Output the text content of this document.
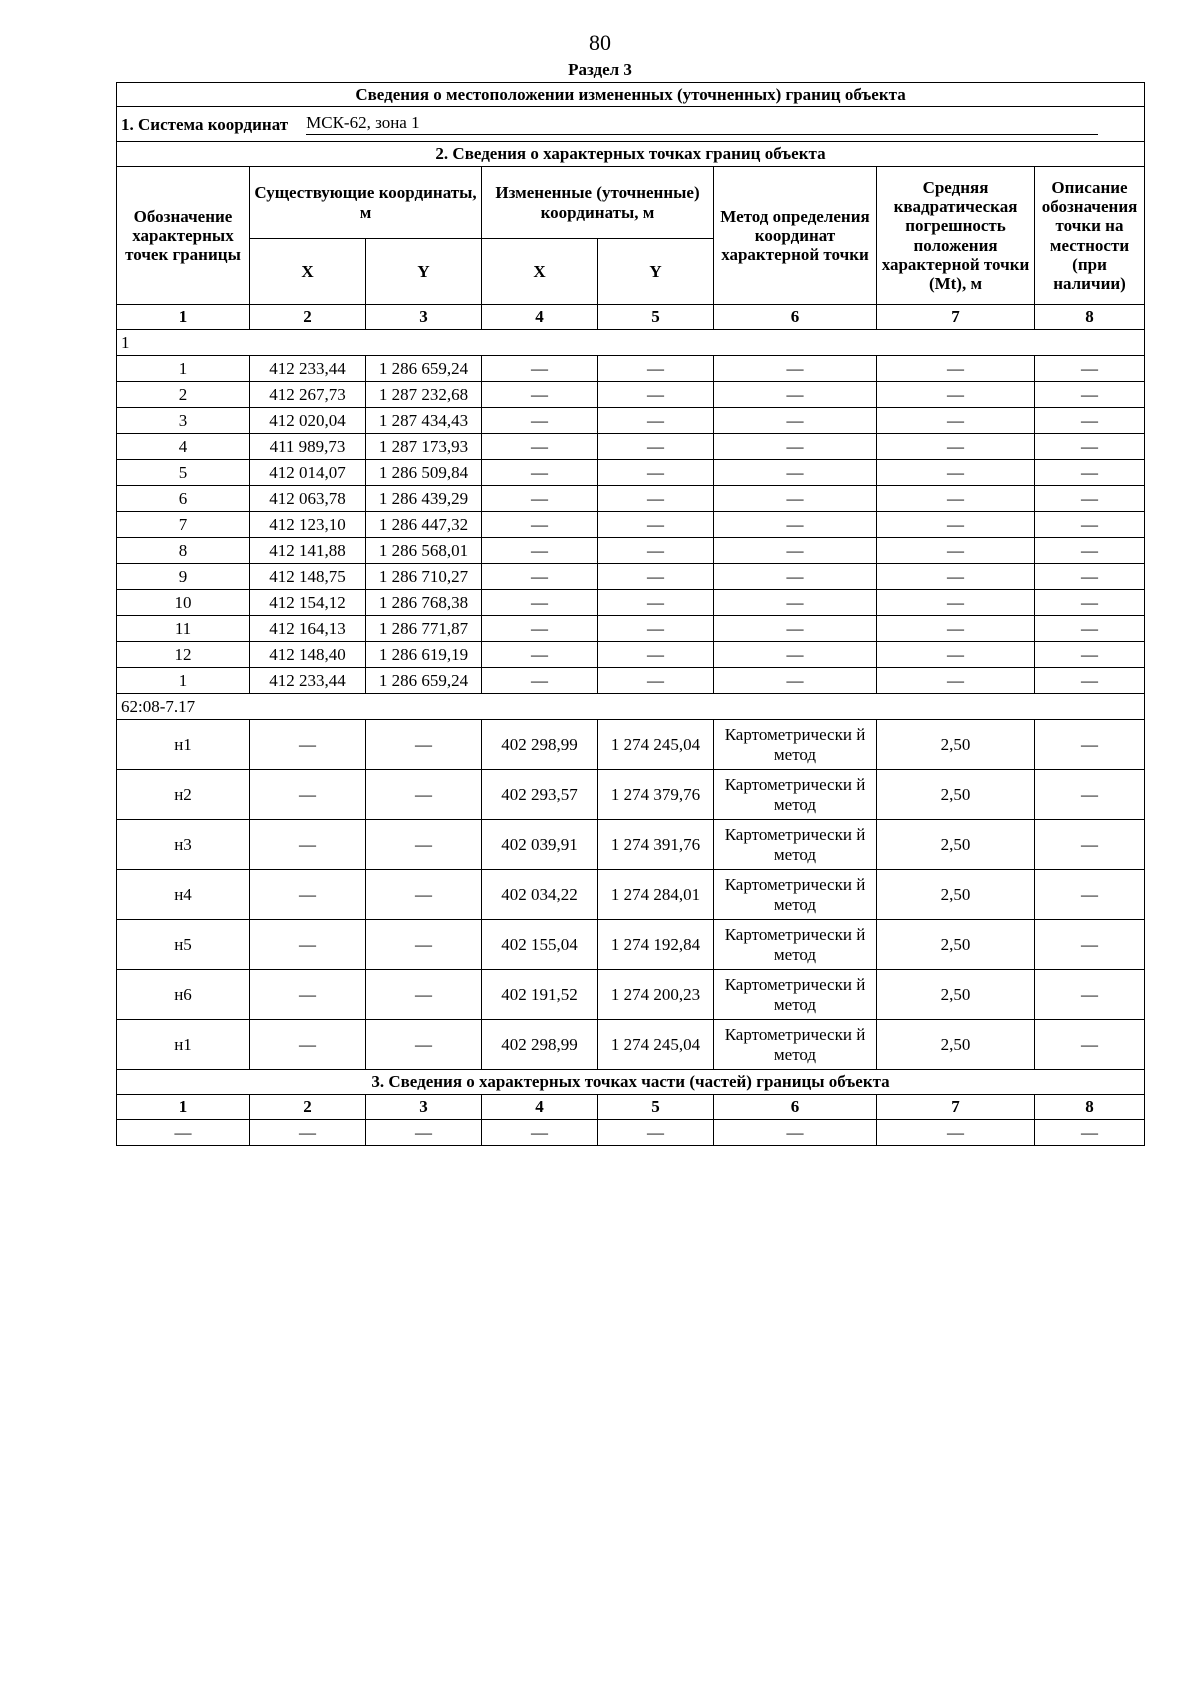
80
Раздел 3
Сведения о местоположении измененных (уточненных) границ объекта							
1. Система координат МСК-62, зона 1							
2. Сведения о характерных точках границ объекта							
Обозначение характерных точек границы	Существующие координаты, м		Измененные (уточненные) координаты, м		Метод определения координат характерной точки	Средняя квадратическая погрешность положения характерной точки (Mt), м	Описание обозначения точки на местности (при наличии)
	X	Y	X	Y			
1	2	3	4	5	6	7	8
1							
1	412 233,44	1 286 659,24	—	—	—	—	—
2	412 267,73	1 287 232,68	—	—	—	—	—
3	412 020,04	1 287 434,43	—	—	—	—	—
4	411 989,73	1 287 173,93	—	—	—	—	—
5	412 014,07	1 286 509,84	—	—	—	—	—
6	412 063,78	1 286 439,29	—	—	—	—	—
7	412 123,10	1 286 447,32	—	—	—	—	—
8	412 141,88	1 286 568,01	—	—	—	—	—
9	412 148,75	1 286 710,27	—	—	—	—	—
10	412 154,12	1 286 768,38	—	—	—	—	—
11	412 164,13	1 286 771,87	—	—	—	—	—
12	412 148,40	1 286 619,19	—	—	—	—	—
1	412 233,44	1 286 659,24	—	—	—	—	—
62:08-7.17							
н1	—	—	402 298,99	1 274 245,04	Картометрически й метод	2,50	—
н2	—	—	402 293,57	1 274 379,76	Картометрически й метод	2,50	—
н3	—	—	402 039,91	1 274 391,76	Картометрически й метод	2,50	—
н4	—	—	402 034,22	1 274 284,01	Картометрически й метод	2,50	—
н5	—	—	402 155,04	1 274 192,84	Картометрически й метод	2,50	—
н6	—	—	402 191,52	1 274 200,23	Картометрически й метод	2,50	—
н1	—	—	402 298,99	1 274 245,04	Картометрически й метод	2,50	—
3. Сведения о характерных точках части (частей) границы объекта							
1	2	3	4	5	6	7	8
—	—	—	—	—	—	—	—
